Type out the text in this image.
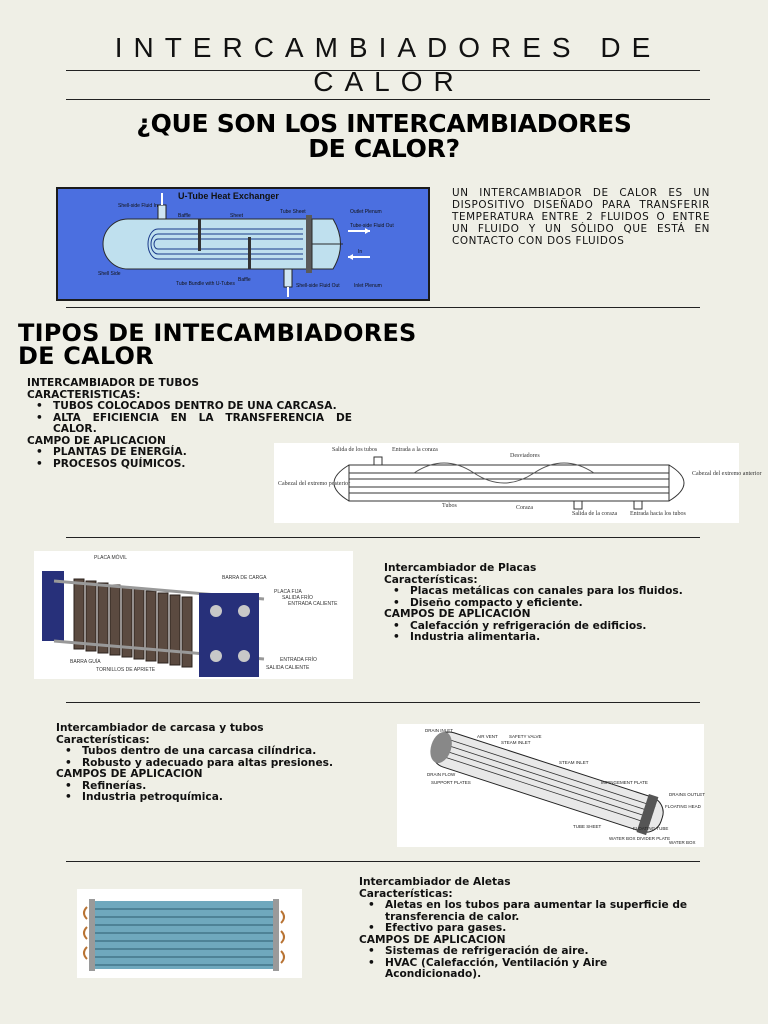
INTERCAMBIADORES DE
CALOR
¿QUE SON LOS INTERCAMBIADORES
DE CALOR?
U-Tube Heat Exchanger
Shell-side Fluid In
Baffle	Sheet
Tube Sheet	Outlet Plenum
Tube-side Fluid Out
In
Shell Side
Tube Bundle with U-Tubes
Baffle
Shell-side Fluid Out	Inlet Plenum
UN INTERCAMBIADOR DE CALOR ES UN DISPOSITIVO DISEÑADO PARA TRANSFERIR TEMPERATURA ENTRE 2 FLUIDOS O ENTRE UN FLUIDO Y UN SÓLIDO QUE ESTÁ EN CONTACTO CON DOS FLUIDOS
TIPOS DE INTECAMBIADORES
DE CALOR
INTERCAMBIADOR DE TUBOS
CARACTERISTICAS:
• TUBOS COLOCADOS DENTRO DE UNA CARCASA.
• ALTA EFICIENCIA EN LA TRANSFERENCIA DE CALOR.
CAMPO DE APLICACION
• PLANTAS DE ENERGÍA.
• PROCESOS QUÍMICOS.
Salida de los tubos Entrada a la coraza
Desviadores
Cabezal del extremo posterior
Cabezal del extremo anterior
Tubos	Coraza
Salida de la coraza Entrada hacia los tubos
PLACA MÓVIL
BARRA DE CARGA
PLACA FIJA
SALIDA FRÍO
ENTRADA CALIENTE
BARRA GUÍA
TORNILLOS DE APRIETE
ENTRADA FRÍO
SALIDA CALIENTE
Intercambiador de Placas
Características:
• Placas metálicas con canales para los fluidos.
• Diseño compacto y eficiente.
CAMPOS DE APLICACION
• Calefacción y refrigeración de edificios.
• Industria alimentaria.
Intercambiador de carcasa y tubos
Características:
• Tubos dentro de una carcasa cilíndrica.
• Robusto y adecuado para altas presiones.
CAMPOS DE APLICACION
• Refinerías.
• Industria petroquímica.
DRAIN INLET
AIR VENT SAFETY VALVE
STEAM INLET
STEAM INLET
DRAIN FLOW
SUPPORT PLATES	IMPINGEMENT PLATE
DRAINS OUTLET
FLOATING HEAD
TUBE SHEET	FLOATING TUBE
WATER BOX DIVIDER PLATE
WATER BOX
Intercambiador de Aletas
Características:
• Aletas en los tubos para aumentar la superficie de transferencia de calor.
• Efectivo para gases.
CAMPOS DE APLICACION
• Sistemas de refrigeración de aire.
• HVAC (Calefacción, Ventilación y Aire Acondicionado).
